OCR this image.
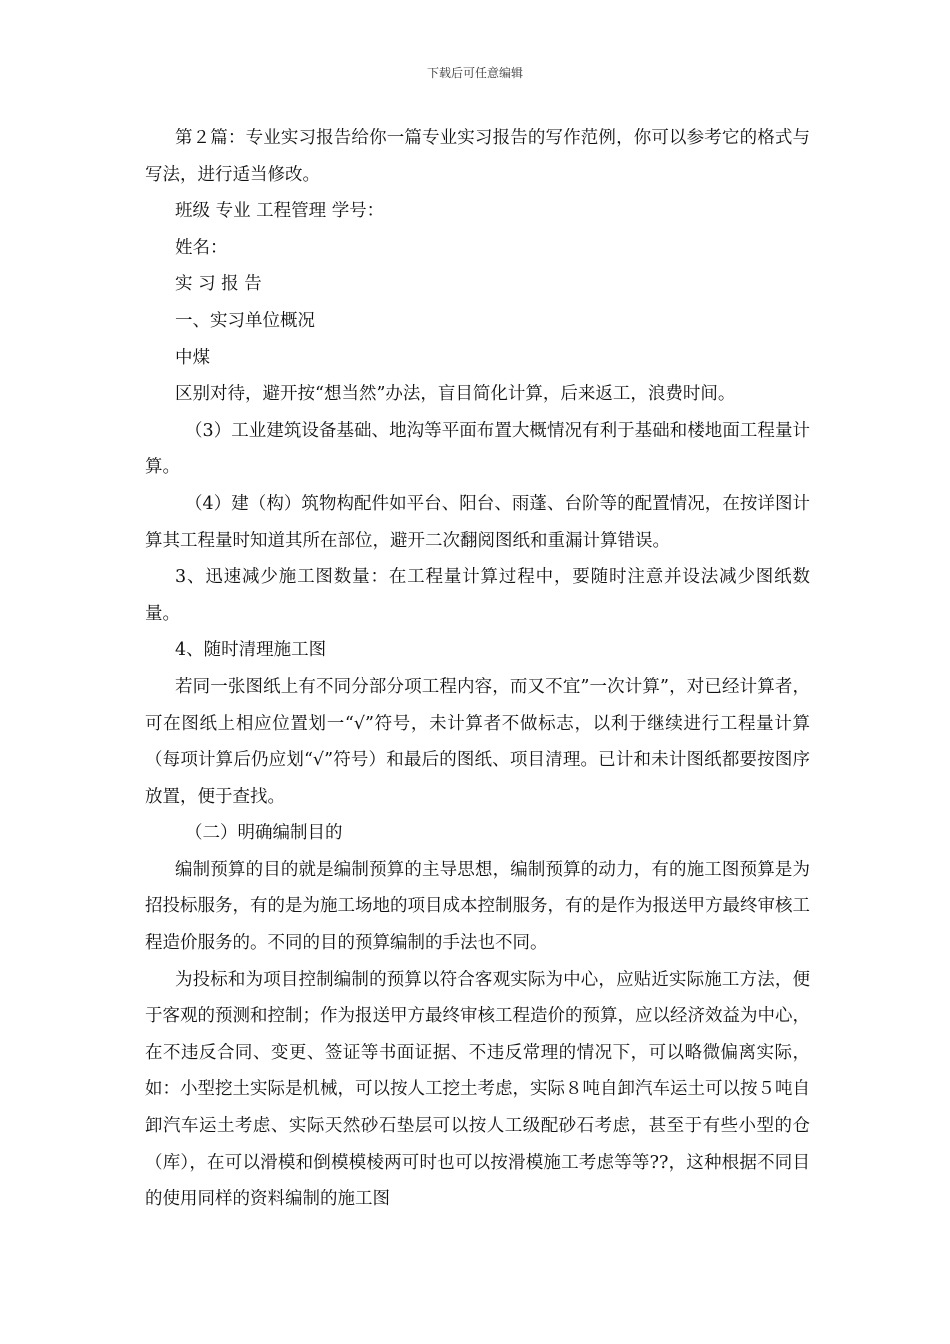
下载后可任意编辑

第２篇：专业实习报告给你一篇专业实习报告的写作范例，你可以参考它的格式与写法，进行适当修改。

班级 专业 工程管理 学号：

姓名：

实 习 报 告

一、实习单位概况

中煤

区别对待，避开按“想当然”办法，盲目简化计算，后来返工，浪费时间。

（3）工业建筑设备基础、地沟等平面布置大概情况有利于基础和楼地面工程量计算。

（4）建（构）筑物构配件如平台、阳台、雨蓬、台阶等的配置情况，在按详图计算其工程量时知道其所在部位，避开二次翻阅图纸和重漏计算错误。

3、迅速减少施工图数量：在工程量计算过程中，要随时注意并设法减少图纸数量。

4、随时清理施工图

若同一张图纸上有不同分部分项工程内容，而又不宜”一次计算”，对已经计算者，可在图纸上相应位置划一“√”符号，未计算者不做标志，以利于继续进行工程量计算（每项计算后仍应划“√”符号）和最后的图纸、项目清理。已计和未计图纸都要按图序放置，便于查找。

（二）明确编制目的

编制预算的目的就是编制预算的主导思想，编制预算的动力，有的施工图预算是为招投标服务，有的是为施工场地的项目成本控制服务，有的是作为报送甲方最终审核工程造价服务的。不同的目的预算编制的手法也不同。

为投标和为项目控制编制的预算以符合客观实际为中心，应贴近实际施工方法，便于客观的预测和控制；作为报送甲方最终审核工程造价的预算，应以经济效益为中心，在不违反合同、变更、签证等书面证据、不违反常理的情况下，可以略微偏离实际，如：小型挖土实际是机械，可以按人工挖土考虑，实际８吨自卸汽车运土可以按５吨自卸汽车运土考虑、实际天然砂石垫层可以按人工级配砂石考虑，甚至于有些小型的仓（库），在可以滑模和倒模模棱两可时也可以按滑模施工考虑等等??，这种根据不同目的使用同样的资料编制的施工图
